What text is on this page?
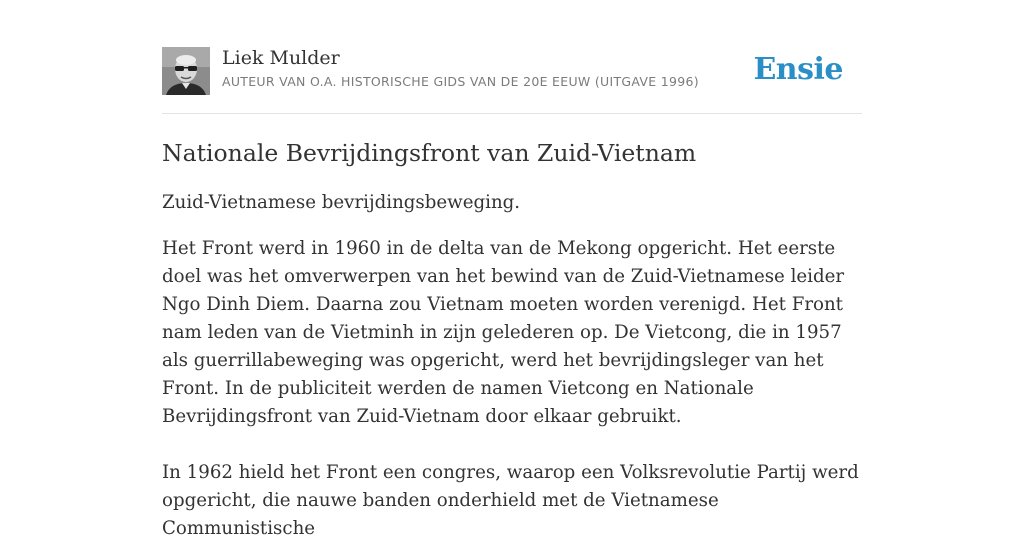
Liek Mulder
AUTEUR VAN O.A. HISTORISCHE GIDS VAN DE 20E EEUW (UITGAVE 1996) Ensie
Nationale Bevrijdingsfront van Zuid-Vietnam

Zuid-Vietnamese bevrijdingsbeweging.

Het Front werd in 1960 in de delta van de Mekong opgericht. Het eerste doel was het omverwerpen van het bewind van de Zuid-Vietnamese leider Ngo Dinh Diem. Daarna zou Vietnam moeten worden verenigd. Het Front nam leden van de Vietminh in zijn gelederen op. De Vietcong, die in 1957 als guerrillabeweging was opgericht, werd het bevrijdingsleger van het Front. In de publiciteit werden de namen Vietcong en Nationale Bevrijdingsfront van Zuid-Vietnam door elkaar gebruikt.

In 1962 hield het Front een congres, waarop een Volksrevolutie Partij werd opgericht, die nauwe banden onderhield met de Vietnamese Communistische
